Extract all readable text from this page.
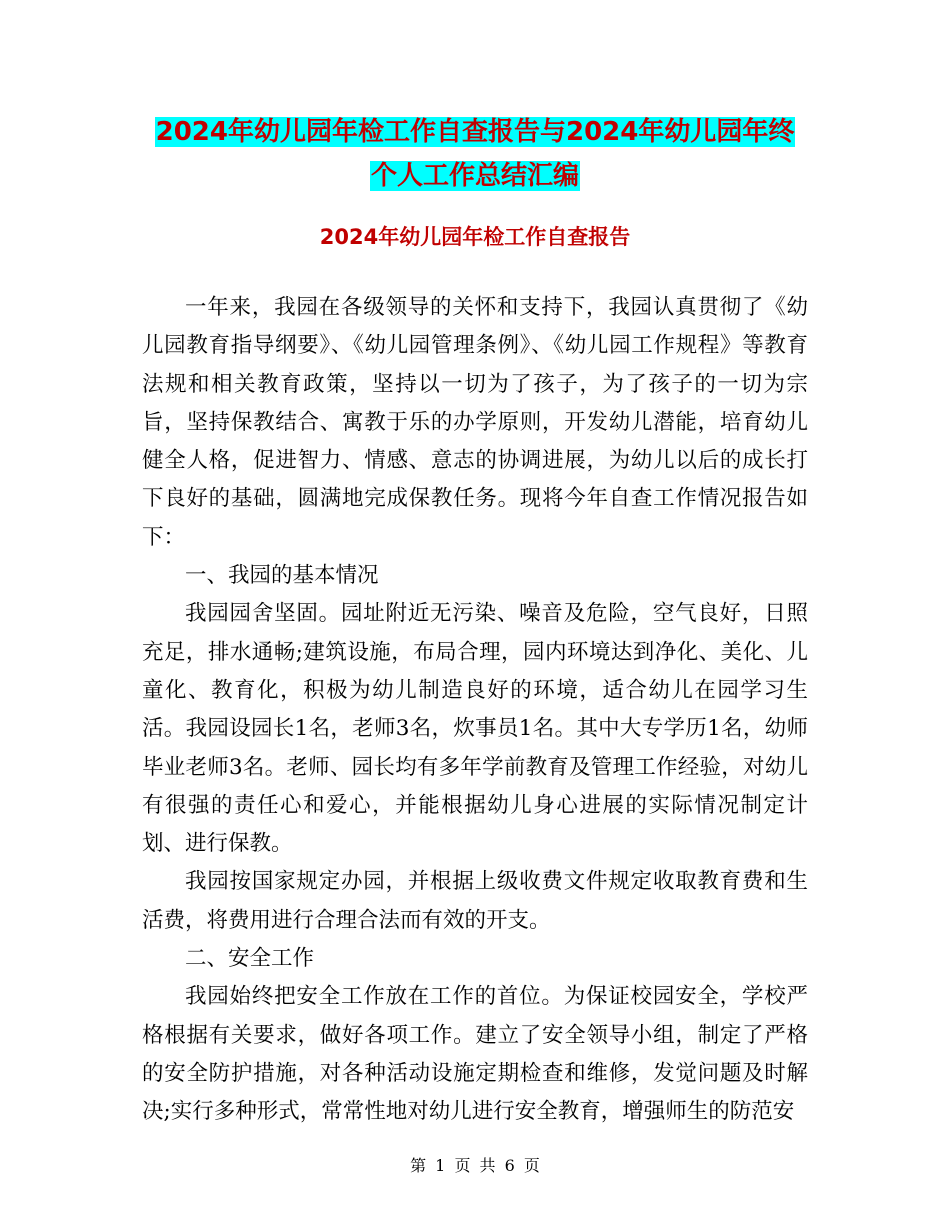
2024年幼儿园年检工作自查报告与2024年幼儿园年终
个人工作总结汇编
2024年幼儿园年检工作自查报告

一年来，我园在各级领导的关怀和支持下，我园认真贯彻了《幼儿园教育指导纲要》、《幼儿园管理条例》、《幼儿园工作规程》等教育法规和相关教育政策，坚持以一切为了孩子，为了孩子的一切为宗旨，坚持保教结合、寓教于乐的办学原则，开发幼儿潜能，培育幼儿健全人格，促进智力、情感、意志的协调进展，为幼儿以后的成长打下良好的基础，圆满地完成保教任务。现将今年自查工作情况报告如下：

一、我园的基本情况

我园园舍坚固。园址附近无污染、噪音及危险，空气良好，日照充足，排水通畅;建筑设施，布局合理，园内环境达到净化、美化、儿童化、教育化，积极为幼儿制造良好的环境，适合幼儿在园学习生活。我园设园长1名，老师3名，炊事员1名。其中大专学历1名，幼师毕业老师3名。老师、园长均有多年学前教育及管理工作经验，对幼儿有很强的责任心和爱心，并能根据幼儿身心进展的实际情况制定计划、进行保教。

我园按国家规定办园，并根据上级收费文件规定收取教育费和生活费，将费用进行合理合法而有效的开支。

二、安全工作

我园始终把安全工作放在工作的首位。为保证校园安全，学校严格根据有关要求，做好各项工作。建立了安全领导小组，制定了严格的安全防护措施，对各种活动设施定期检查和维修，发觉问题及时解决;实行多种形式，常常性地对幼儿进行安全教育，增强师生的防范安

第 1 页 共 6 页
